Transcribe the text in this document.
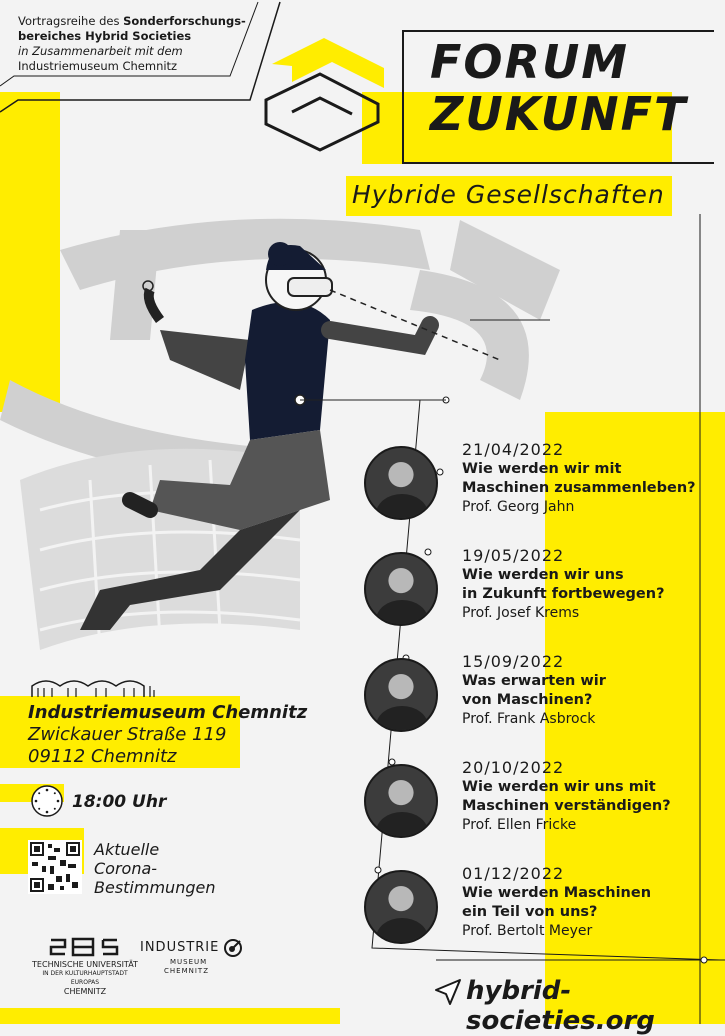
Vortragsreihe des Sonderforschungs-
bereiches Hybrid Societies
in Zusammenarbeit mit dem
Industriemuseum Chemnitz	FORUM
ZUKUNFT
Hybride Gesellschaften
21/04/2022
Wie werden wir mit
Maschinen zusammenleben?
Prof. Georg Jahn
19/05/2022
Wie werden wir uns
in Zukunft fortbewegen?
Prof. Josef Krems
15/09/2022
Was erwarten wir
von Maschinen?
Prof. Frank Asbrock
20/10/2022
Wie werden wir uns mit
Maschinen verständigen?
Prof. Ellen Fricke
01/12/2022
Wie werden Maschinen
ein Teil von uns?
Prof. Bertolt Meyer
Industriemuseum Chemnitz
Zwickauer Straße 119
09112 Chemnitz
18:00 Uhr
Aktuelle
Corona-
Bestimmungen
TECHNISCHE UNIVERSITÄT
IN DER KULTURHAUPTSTADT EUROPAS
CHEMNITZ
INDUSTRIE
MUSEUM
CHEMNITZ
hybrid-societies.org
